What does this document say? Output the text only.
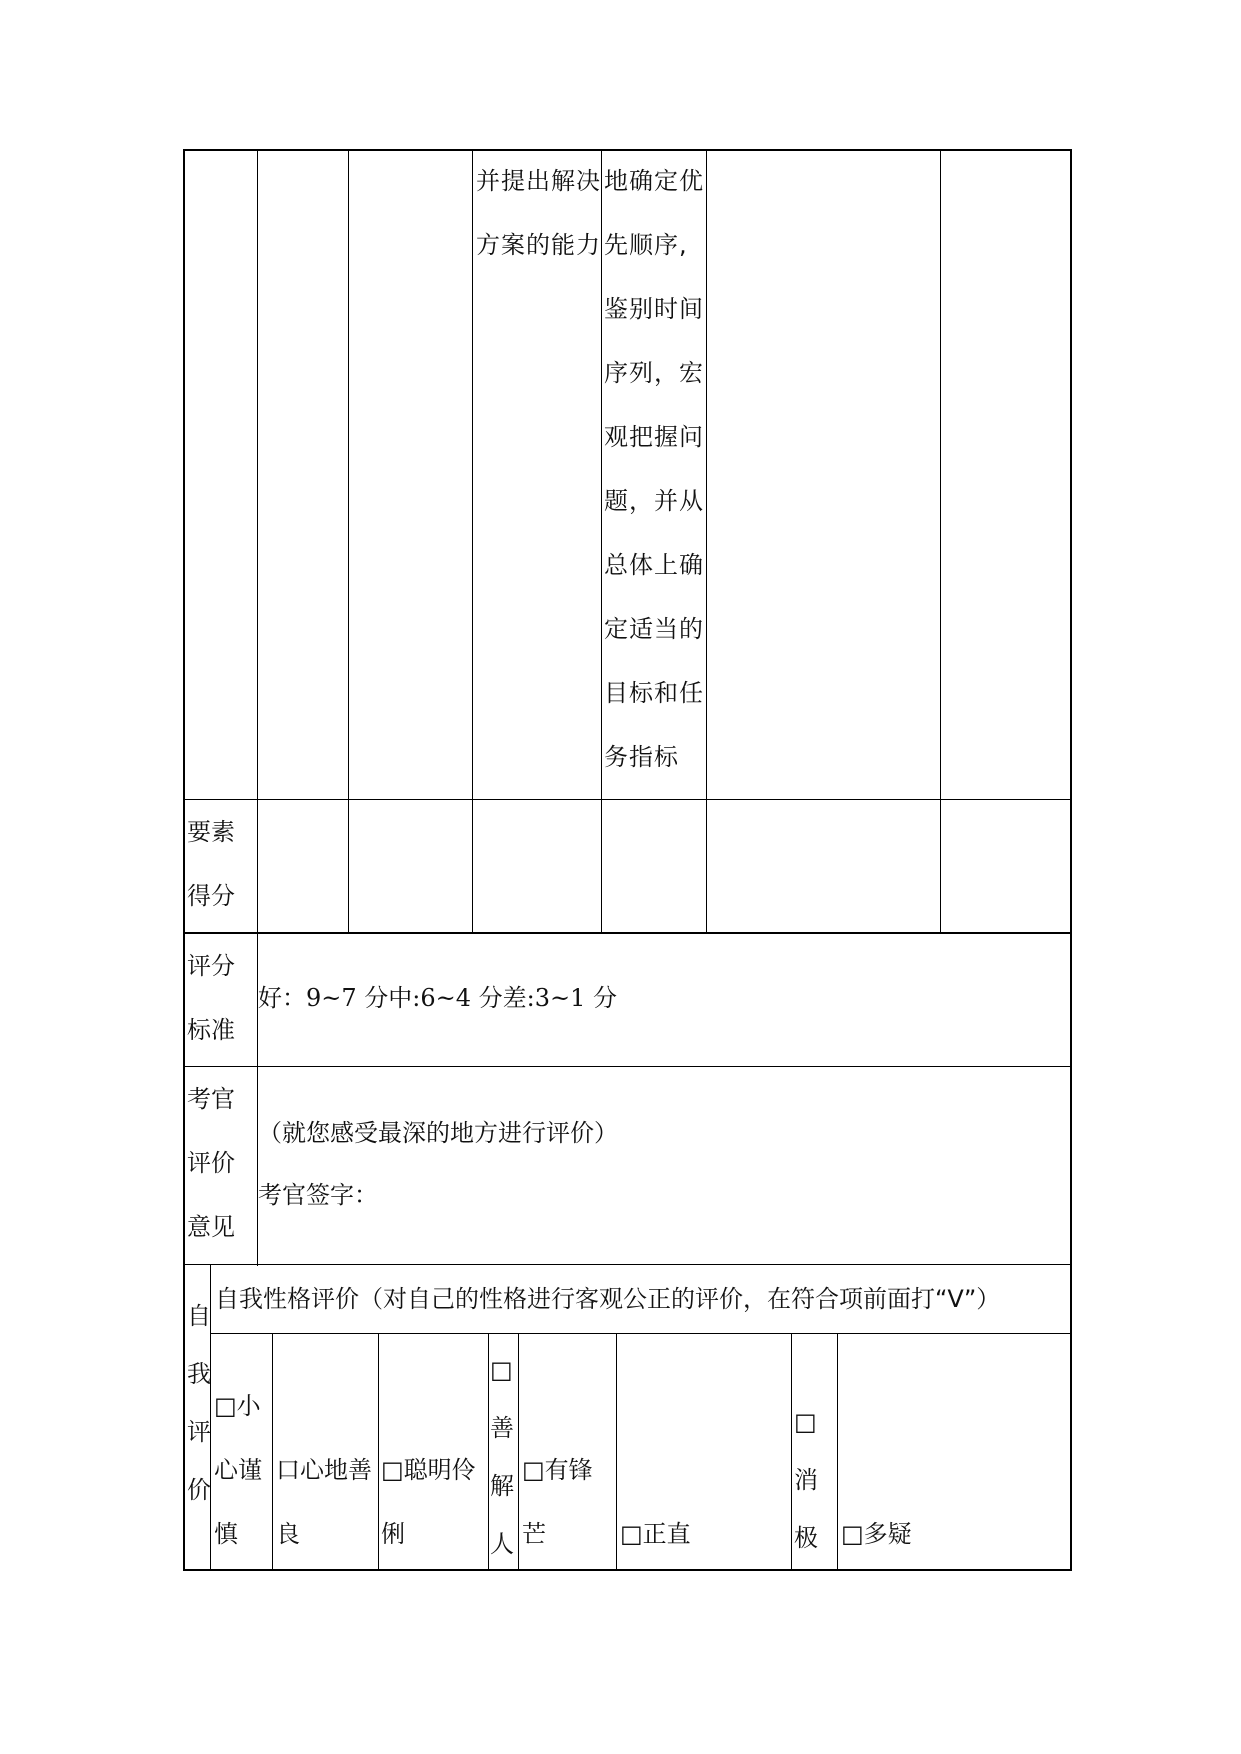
并提出解决
方案的能力
地确定优
先顺序,
鉴别时间
序列，宏
观把握问
题，并从
总体上确
定适当的
目标和任
务指标
要素
得分
评分
标准
好：9~7 分中:6~4 分差:3~1 分
考官
评价
意见
（就您感受最深的地方进行评价）
考官签字：
自
我
评
价
自我性格评价（对自己的性格进行客观公正的评价，在符合项前面打“V”）
□小
心谨
慎
口心地善
良
□聪明伶
俐
□
善
解
人
□有锋
芒	□正直
□
消
极 □多疑
